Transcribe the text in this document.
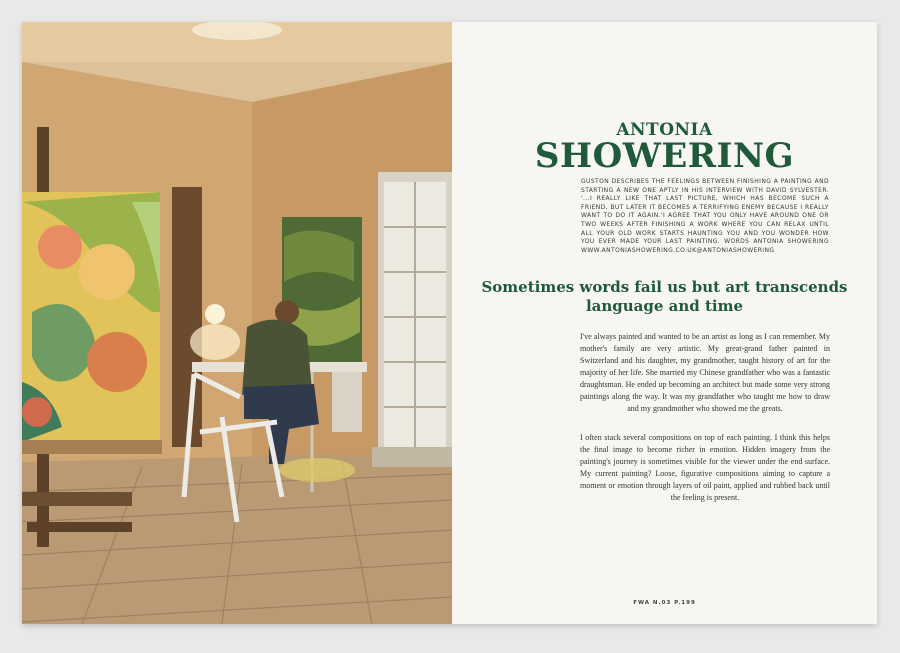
ANTONIA
SHOWERING
GUSTON DESCRIBES THE FEELINGS BETWEEN FINISHING A PAINTING AND STARTING A NEW ONE APTLY IN HIS INTERVIEW WITH DAVID SYLVESTER. '...I REALLY LIKE THAT LAST PICTURE, WHICH HAS BECOME SUCH A FRIEND, BUT LATER IT BECOMES A TERRIFYING ENEMY BECAUSE I REALLY WANT TO DO IT AGAIN.'I AGREE THAT YOU ONLY HAVE AROUND ONE OR TWO WEEKS AFTER FINISHING A WORK WHERE YOU CAN RELAX UNTIL ALL YOUR OLD WORK STARTS HAUNTING YOU AND YOU WONDER HOW YOU EVER MADE YOUR LAST PAINTING. WORDS ANTONIA SHOWERING WWW.ANTONIASHOWERING.CO.UK@ANTONIASHOWERING
Sometimes words fail us but art transcends language and time
I've always painted and wanted to be an artist as long as I can remember. My mother's family are very artistic. My great-grand father painted in Switzerland and his daughter, my grandmother, taught history of art for the majority of her life. She married my Chinese grandfather who was a fantastic draughtsman. He ended up becoming an architect but made some very strong paintings along the way. It was my grandfather who taught me how to draw and my grandmother who showed me the greats.
I often stack several compositions on top of each painting. I think this helps the final image to become richer in emotion. Hidden imagery from the painting's journey is sometimes visible for the viewer under the end surface. My current painting? Loose, figurative compositions aiming to capture a moment or emotion through layers of oil paint, applied and rubbed back until the feeling is present.
FWA N.03 P.199
